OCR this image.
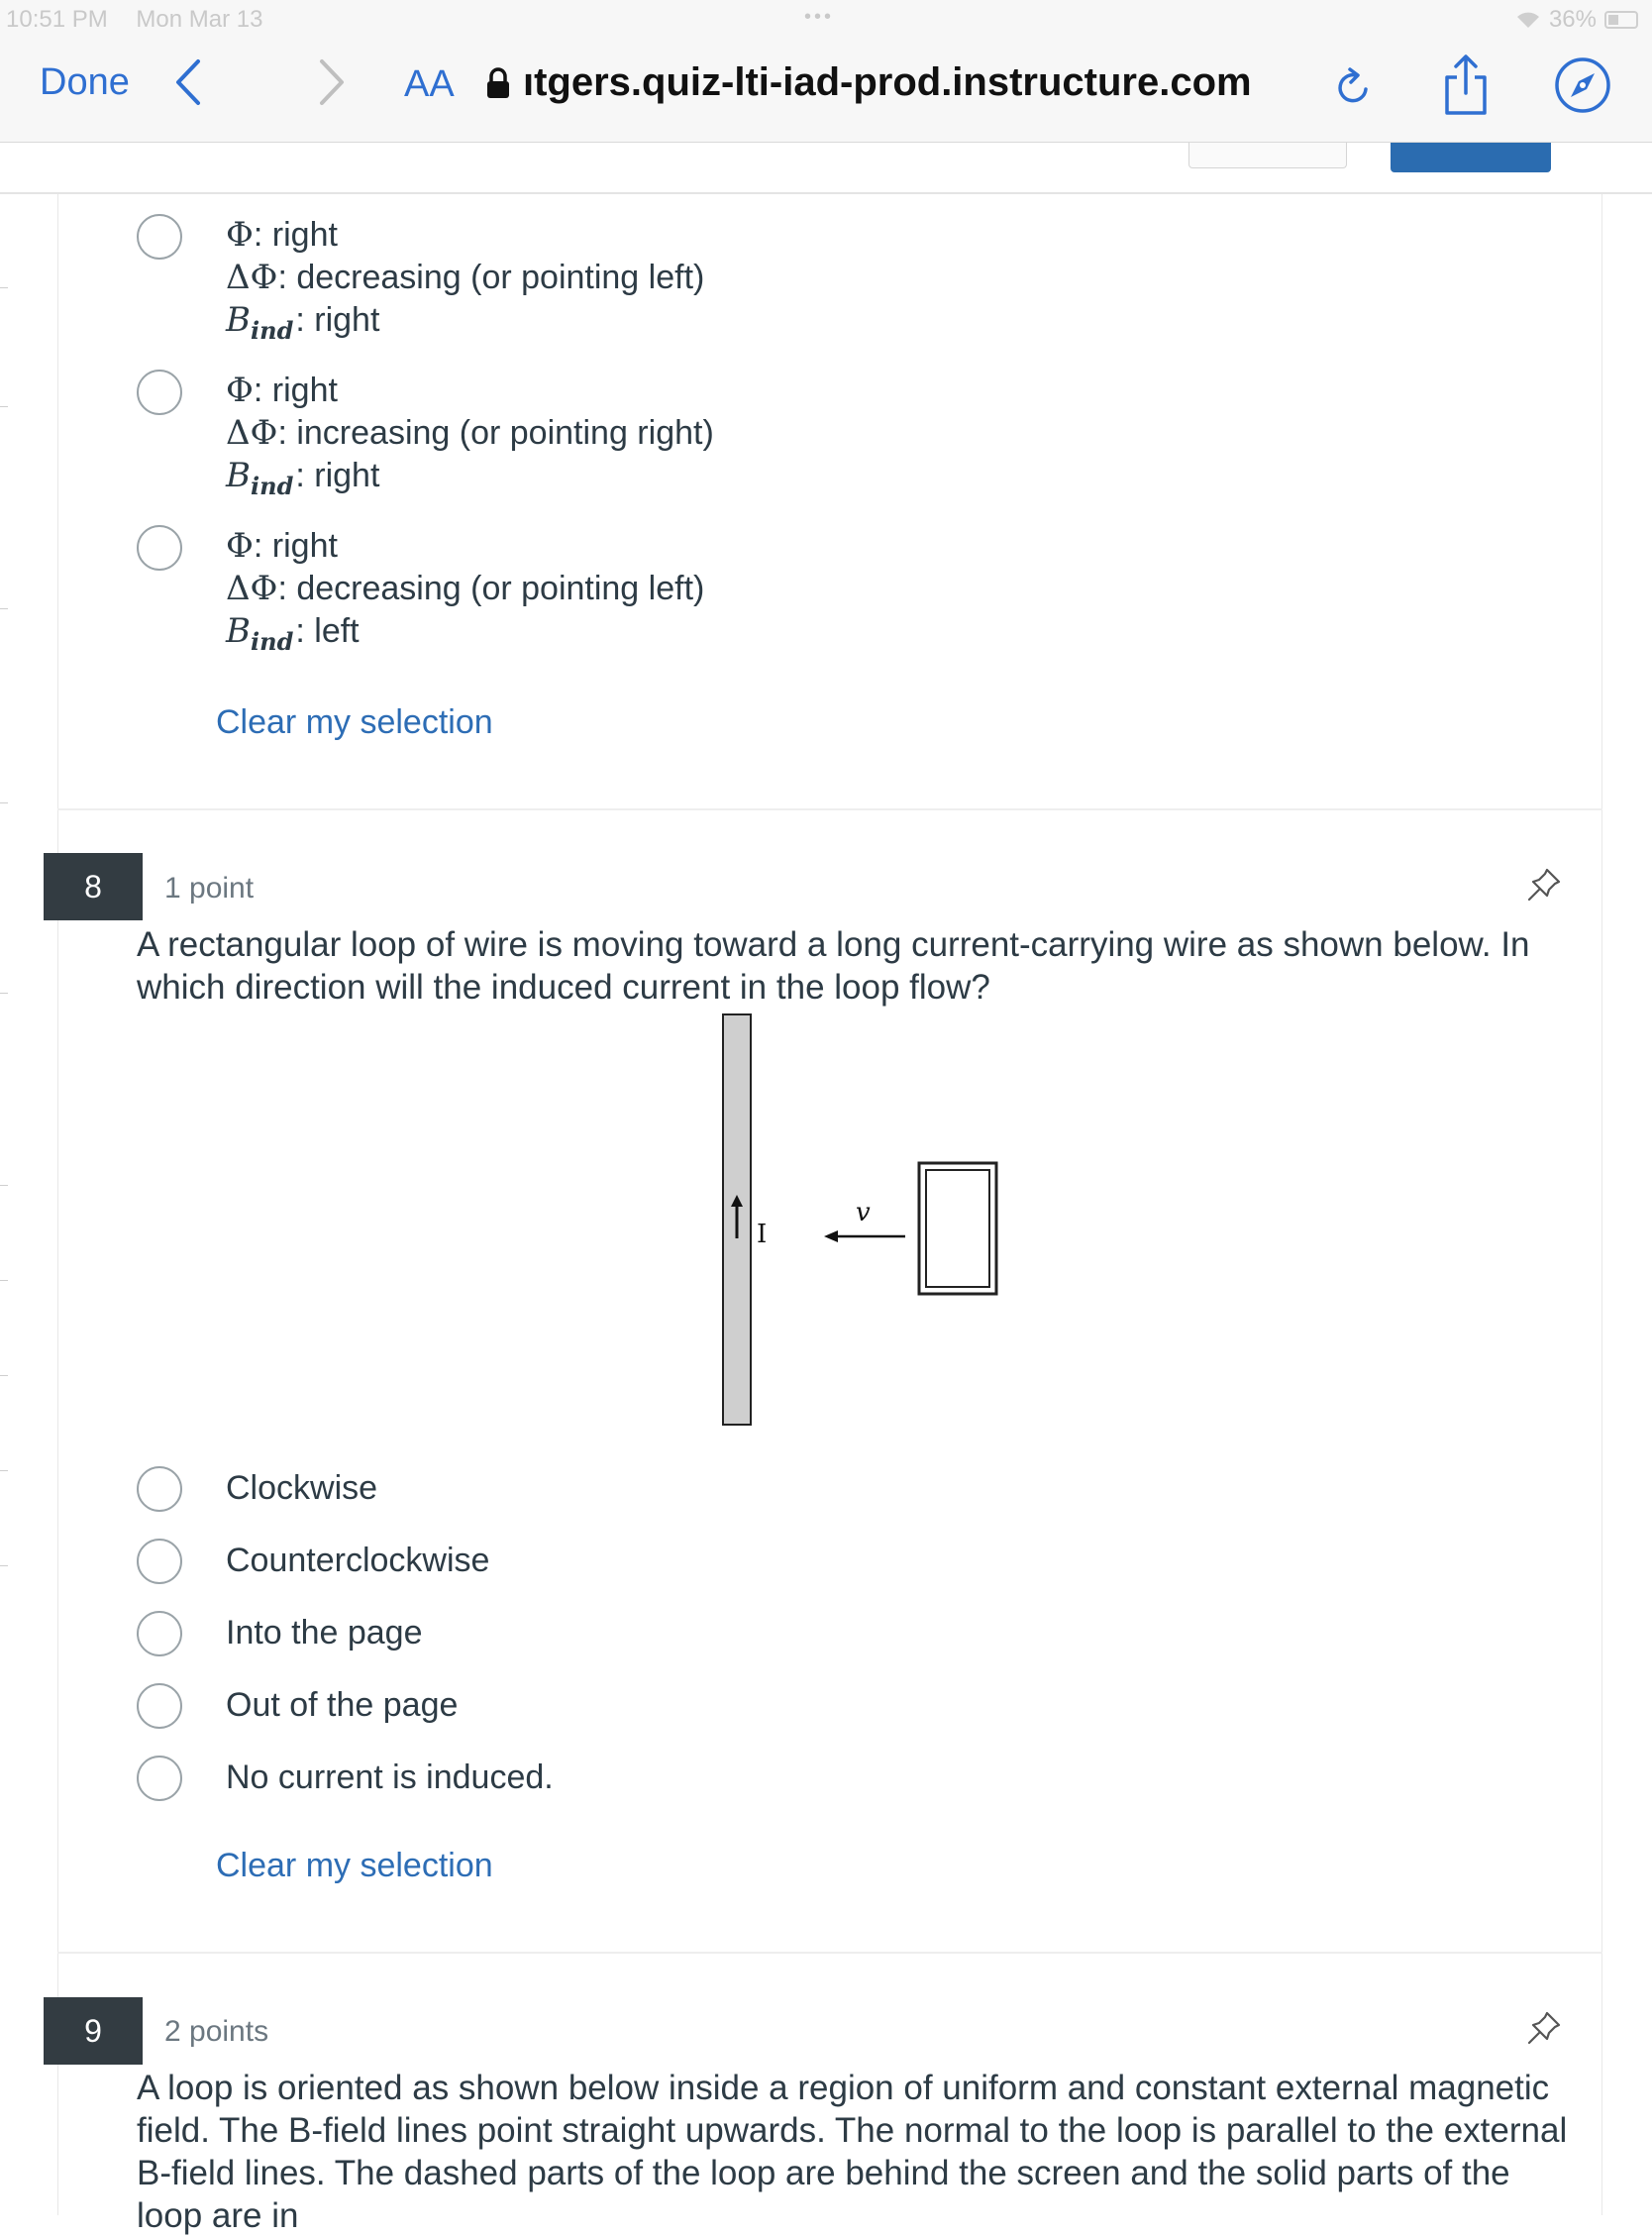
10:51 PM Mon Mar 13	•••	36%
Done	AA ıtgers.quiz-lti-iad-prod.instructure.com
Φ: right
ΔΦ: decreasing (or pointing left)
$B_{ind}$: right
Φ: right
ΔΦ: increasing (or pointing right)
$B_{ind}$: right
Φ: right
ΔΦ: decreasing (or pointing left)
$B_{ind}$: left
Clear my selection
8	1 point
A rectangular loop of wire is moving toward a long current-carrying wire as shown below. In which direction will the induced current in the loop flow?
I
v
Clockwise
Counterclockwise
Into the page
Out of the page
No current is induced.
Clear my selection
9	2 points
A loop is oriented as shown below inside a region of uniform and constant external magnetic field. The B-field lines point straight upwards. The normal to the loop is parallel to the external B-field lines. The dashed parts of the loop are behind the screen and the solid parts of the loop are in
